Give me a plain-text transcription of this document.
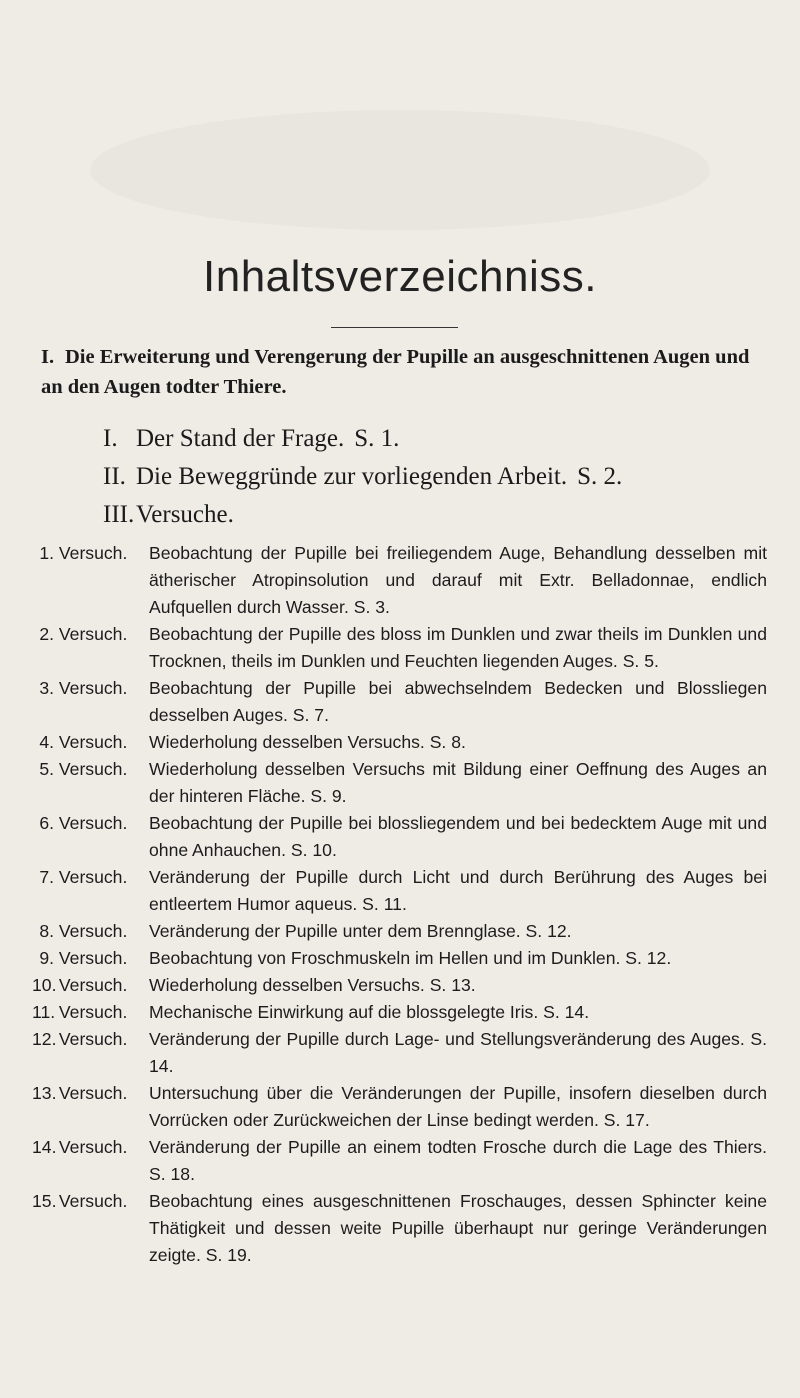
Inhaltsverzeichniss.
I. Die Erweiterung und Verengerung der Pupille an ausgeschnittenen Augen und an den Augen todter Thiere.
I. Der Stand der Frage. S. 1.
II. Die Beweggründe zur vorliegenden Arbeit. S. 2.
III.Versuche.
1. Versuch.	Beobachtung der Pupille bei freiliegendem Auge, Behandlung desselben mit ätherischer Atropinsolution und darauf mit Extr. Belladonnae, endlich Aufquellen durch Wasser. S. 3.
2. Versuch.	Beobachtung der Pupille des bloss im Dunklen und zwar theils im Dunklen und Trocknen, theils im Dunklen und Feuchten liegenden Auges. S. 5.
3. Versuch.	Beobachtung der Pupille bei abwechselndem Bedecken und Blossliegen desselben Auges. S. 7.
4. Versuch.	Wiederholung desselben Versuchs. S. 8.
5. Versuch.	Wiederholung desselben Versuchs mit Bildung einer Oeffnung des Auges an der hinteren Fläche. S. 9.
6. Versuch.	Beobachtung der Pupille bei blossliegendem und bei bedecktem Auge mit und ohne Anhauchen. S. 10.
7. Versuch.	Veränderung der Pupille durch Licht und durch Berührung des Auges bei entleertem Humor aqueus. S. 11.
8. Versuch.	Veränderung der Pupille unter dem Brennglase. S. 12.
9. Versuch.	Beobachtung von Froschmuskeln im Hellen und im Dunklen. S. 12.
10. Versuch.	Wiederholung desselben Versuchs. S. 13.
11. Versuch.	Mechanische Einwirkung auf die blossgelegte Iris. S. 14.
12. Versuch.	Veränderung der Pupille durch Lage- und Stellungsveränderung des Auges. S. 14.
13. Versuch.	Untersuchung über die Veränderungen der Pupille, insofern dieselben durch Vorrücken oder Zurückweichen der Linse bedingt werden. S. 17.
14. Versuch.	Veränderung der Pupille an einem todten Frosche durch die Lage des Thiers. S. 18.
15. Versuch.	Beobachtung eines ausgeschnittenen Froschauges, dessen Sphincter keine Thätigkeit und dessen weite Pupille überhaupt nur geringe Veränderungen zeigte. S. 19.
